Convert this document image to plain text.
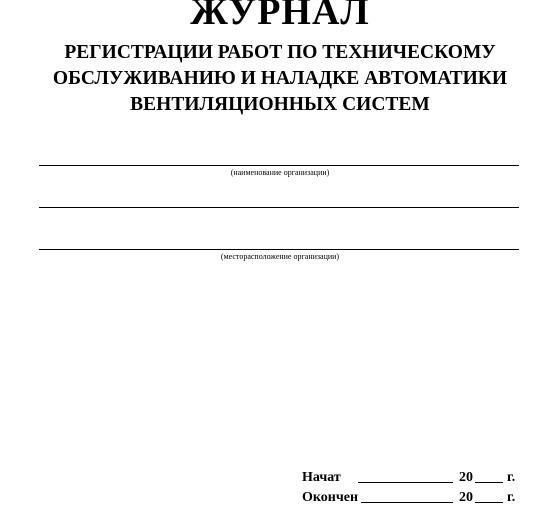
ЖУРНАЛ
РЕГИСТРАЦИИ РАБОТ ПО ТЕХНИЧЕСКОМУ
ОБСЛУЖИВАНИЮ И НАЛАДКЕ АВТОМАТИКИ
ВЕНТИЛЯЦИОННЫХ СИСТЕМ
(наименование организации)
(месторасположение организации)
Начат	20 г.
Окончен	20 г.
